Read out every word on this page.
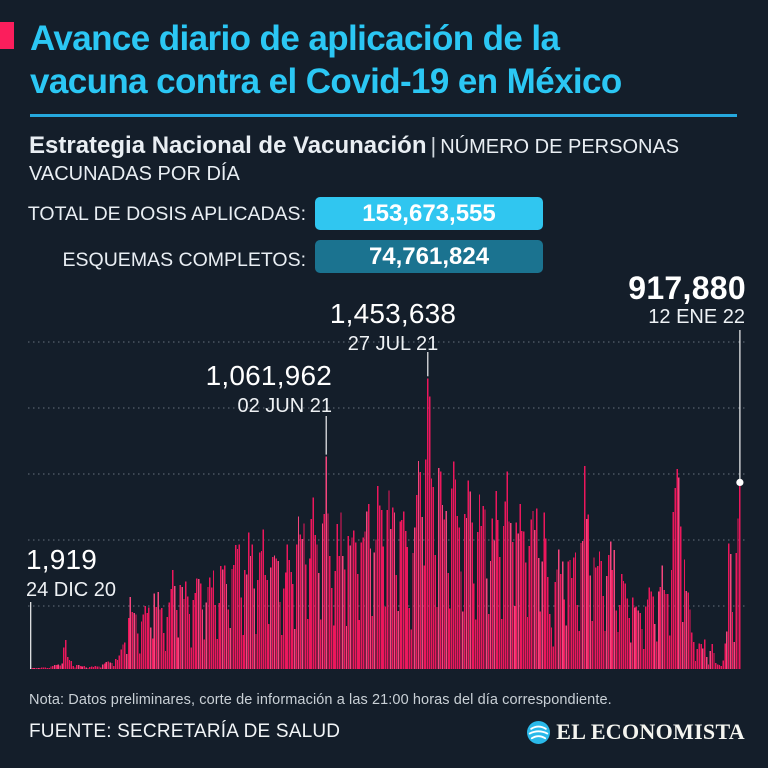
Avance diario de aplicación de la
vacuna contra el Covid-19 en México
Estrategia Nacional de Vacunación | NÚMERO DE PERSONAS
VACUNADAS POR DÍA
TOTAL DE DOSIS APLICADAS:	153,673,555
ESQUEMAS COMPLETOS:	74,761,824
917,880
12 ENE 22
1,919
24 DIC 20
1,061,962
02 JUN 21
1,453,638
27 JUL 21
Nota: Datos preliminares, corte de información a las 21:00 horas del día correspondiente.
FUENTE: SECRETARÍA DE SALUD	EL ECONOMISTA
